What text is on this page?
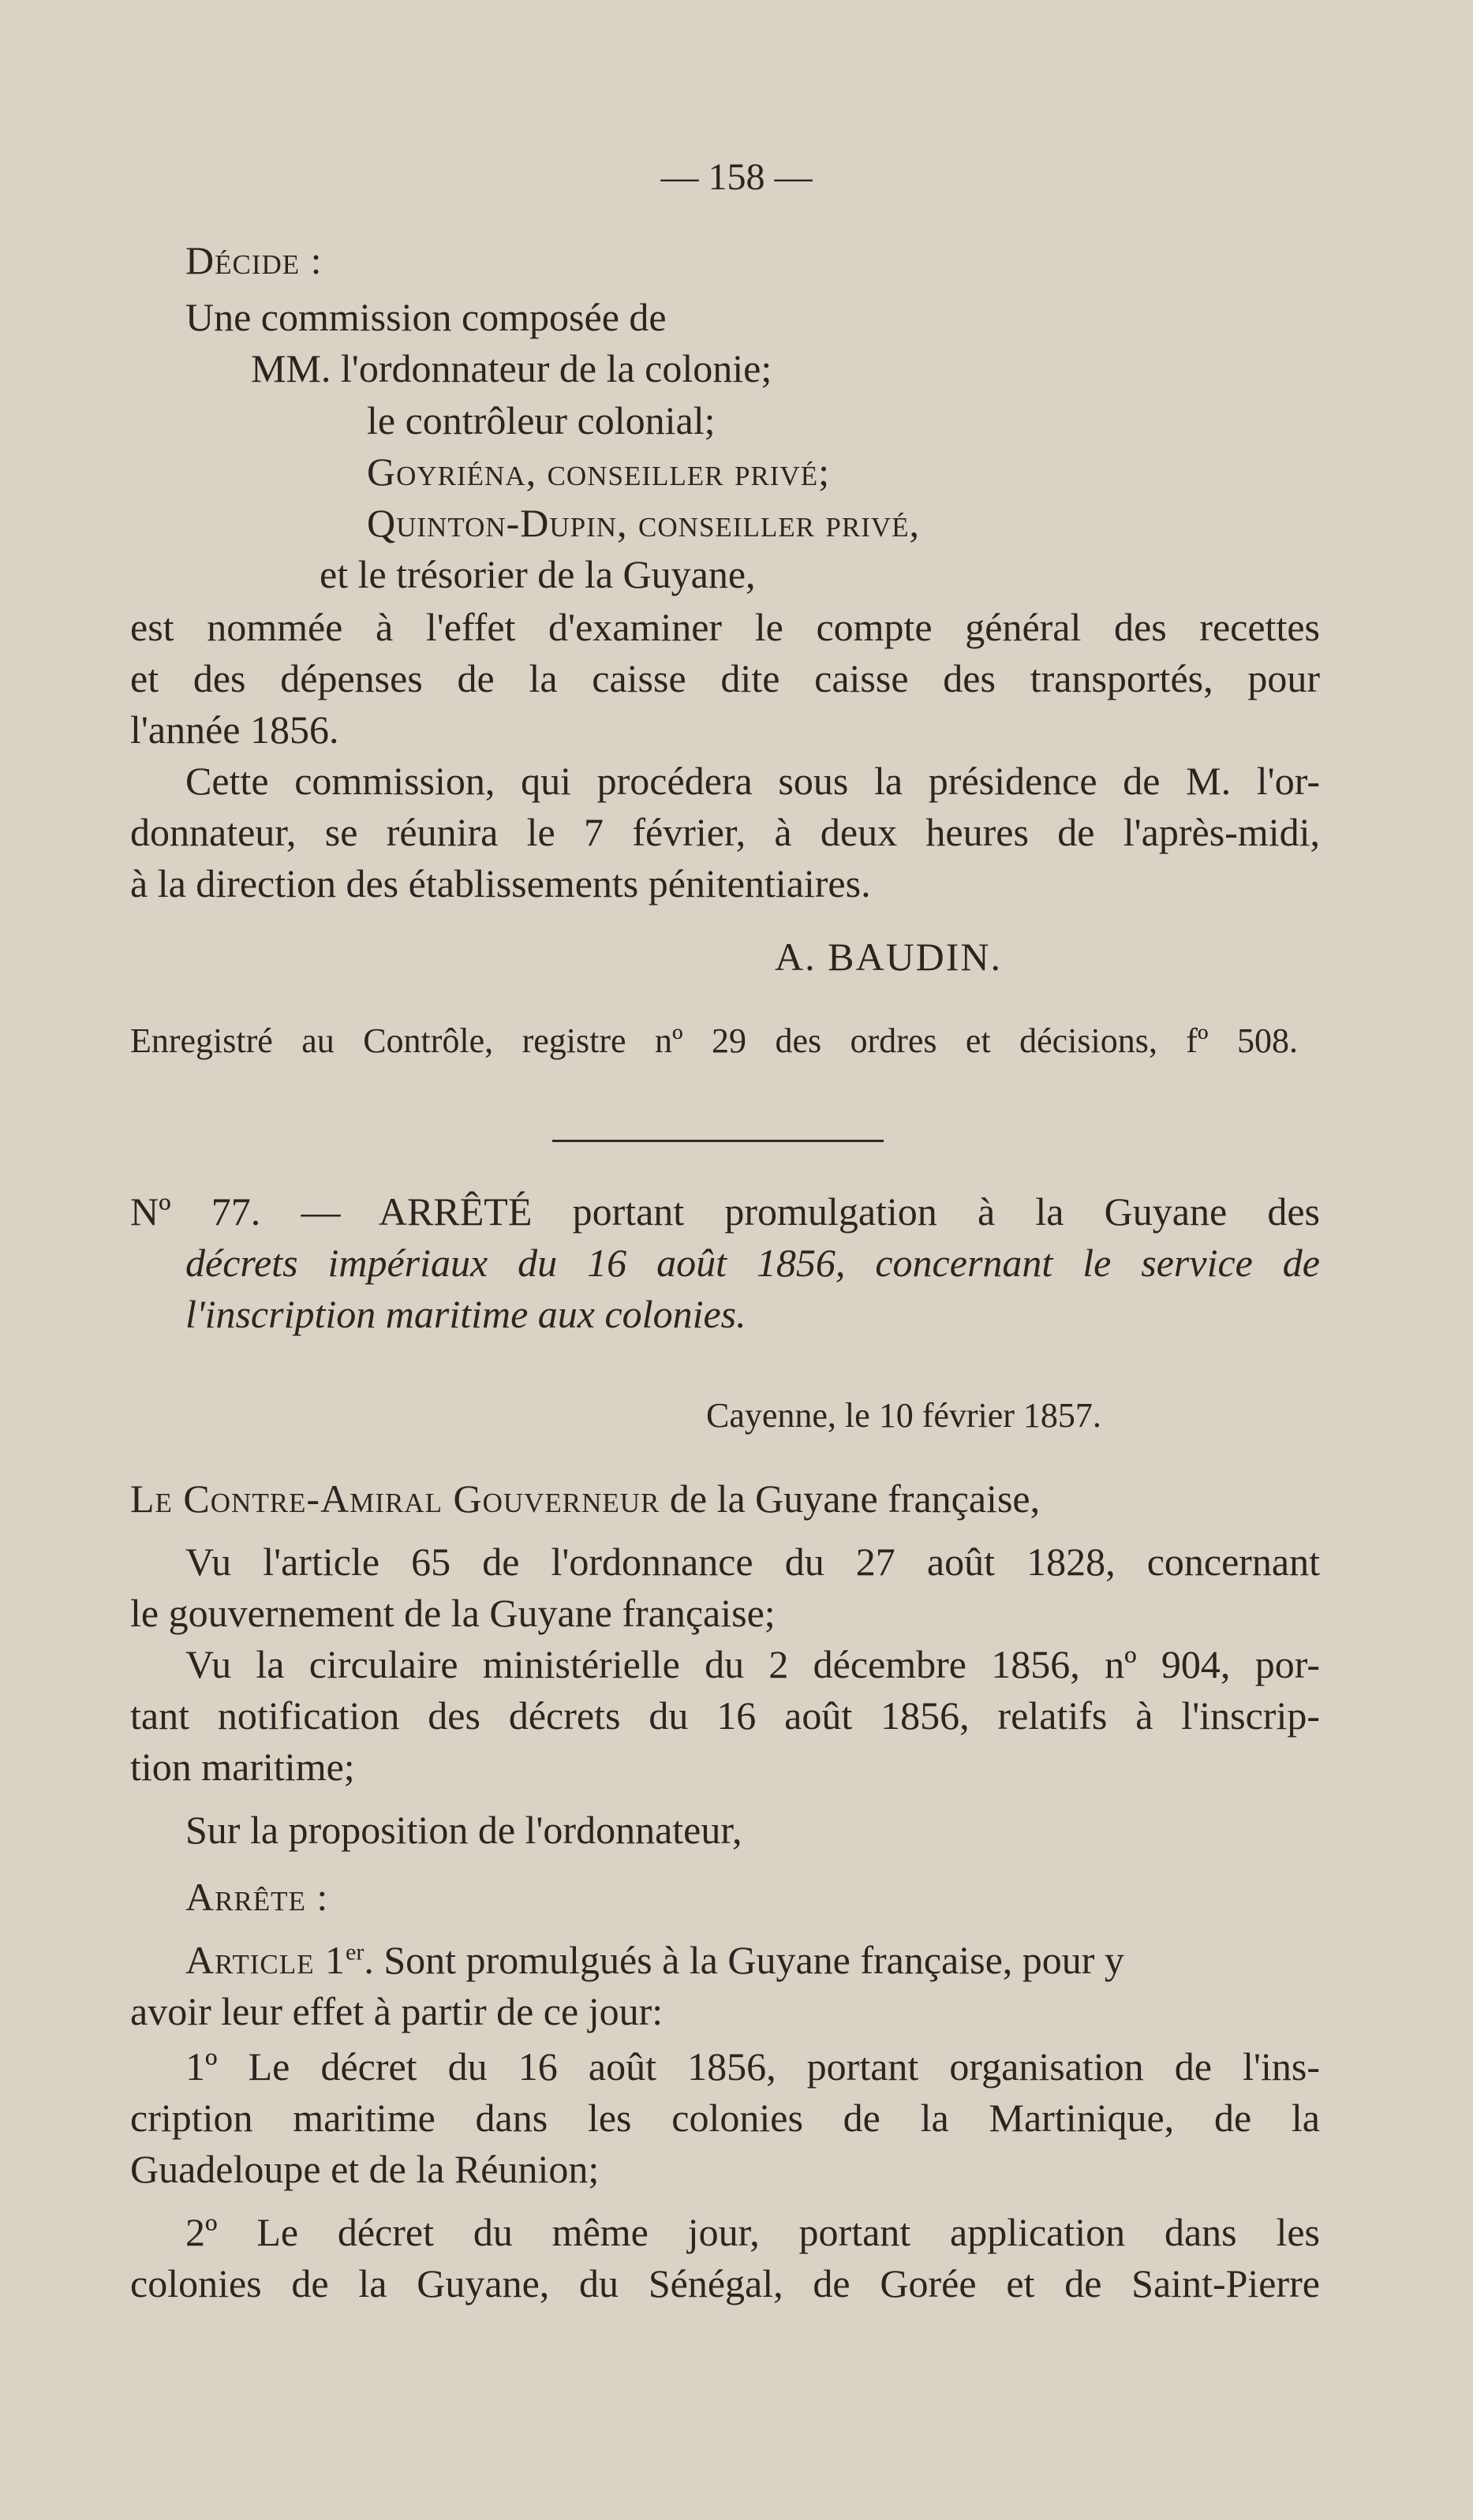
— 158 —
Décide :
Une commission composée de
MM. l'ordonnateur de la colonie;
le contrôleur colonial;
Goyriéna, conseiller privé;
Quinton-Dupin, conseiller privé,
et le trésorier de la Guyane,
est nommée à l'effet d'examiner le compte général des recettes
et des dépenses de la caisse dite caisse des transportés, pour
l'année 1856.
Cette commission, qui procédera sous la présidence de M. l'or-
donnateur, se réunira le 7 février, à deux heures de l'après-midi,
à la direction des établissements pénitentiaires.
A. BAUDIN.
Enregistré au Contrôle, registre nº 29 des ordres et décisions, fº 508.
Nº 77. — ARRÊTÉ portant promulgation à la Guyane des
décrets impériaux du 16 août 1856, concernant le service de
l'inscription maritime aux colonies.
Cayenne, le 10 février 1857.
Le Contre-Amiral Gouverneur de la Guyane française,
Vu l'article 65 de l'ordonnance du 27 août 1828, concernant
le gouvernement de la Guyane française;
Vu la circulaire ministérielle du 2 décembre 1856, nº 904, por-
tant notification des décrets du 16 août 1856, relatifs à l'inscrip-
tion maritime;
Sur la proposition de l'ordonnateur,
Arrête :
Article 1er. Sont promulgués à la Guyane française, pour y
avoir leur effet à partir de ce jour:
1º Le décret du 16 août 1856, portant organisation de l'ins-
cription maritime dans les colonies de la Martinique, de la
Guadeloupe et de la Réunion;
2º Le décret du même jour, portant application dans les
colonies de la Guyane, du Sénégal, de Gorée et de Saint-Pierre
